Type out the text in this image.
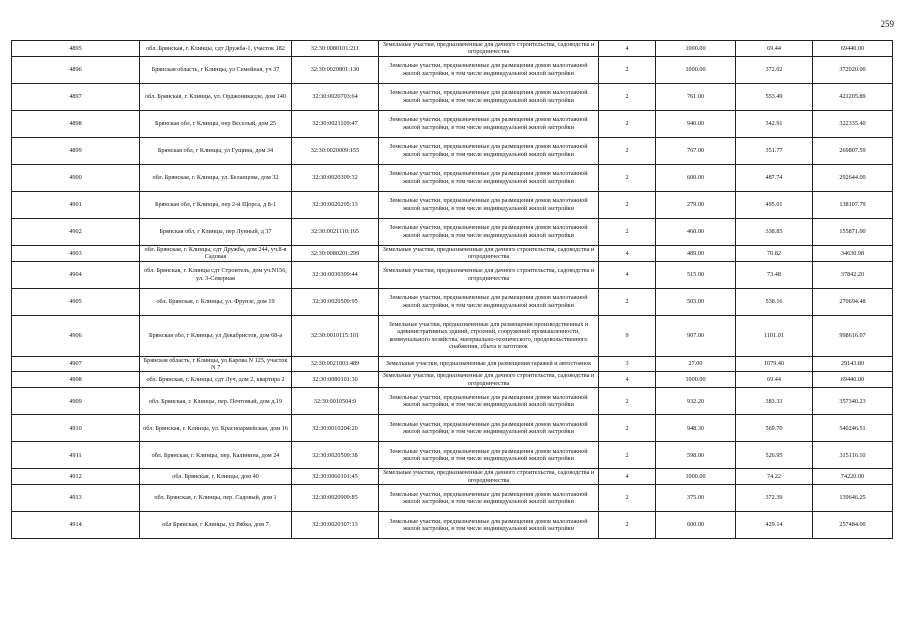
259
4895	обл. Брянская, г. Клинцы, сдт Дружба-1, участок 182	32:30:0080101:211	Земельные участки, предназначенные для дачного строительства, садоводства и огородничества	4	1000.00	69.44	69440.00
4896	Брянская область, г Клинцы, ул Семейная, уч 37	32:30:0020801:130	Земельные участки, предназначенные для размещения домов малоэтажной жилой застройки, в том числе индивидуальной жилой застройки	2	1000.00	372.02	372020.00
4897	обл. Брянская, г. Клинцы, ул. Орджоникидзе, дом 140	32:30:0020703:64	Земельные участки, предназначенные для размещения домов малоэтажной жилой застройки, в том числе индивидуальной жилой застройки	2	761.00	553.49	421205.89
4898	Брянская обл, г Клинцы, пер Веселый, дом 25	32:30:0021109:47	Земельные участки, предназначенные для размещения домов малоэтажной жилой застройки, в том числе индивидуальной жилой застройки	2	940.00	342.91	322335.40
4899	Брянская обл, г Клинцы, ул Гущина, дом 34	32:30:0020009:155	Земельные участки, предназначенные для размещения домов малоэтажной жилой застройки, в том числе индивидуальной жилой застройки	2	767.00	351.77	269807.59
4900	обл. Брянская, г. Клинцы, ул. Беланцова, дом 32	32:30:0020309:32	Земельные участки, предназначенные для размещения домов малоэтажной жилой застройки, в том числе индивидуальной жилой застройки	2	600.00	487.74	292644.00
4901	Брянская обл, г Клинцы, пер 2-й Щорса, д 8-1	32:30:0020205:13	Земельные участки, предназначенные для размещения домов малоэтажной жилой застройки, в том числе индивидуальной жилой застройки	2	279.00	495.01	138107.79
4902	Брянская обл, г Клинцы, пер Лунный, д 37	32:30:0021110:165	Земельные участки, предназначенные для размещения домов малоэтажной жилой застройки, в том числе индивидуальной жилой застройки	2	460.00	338.85	155871.00
4903	обл. Брянская, г. Клинцы, сдт Дружба, дом 244, уч.8-я Садовая	32:30:0080201:299	Земельные участки, предназначенные для дачного строительства, садоводства и огородничества	4	489.00	70.82	34630.98
4904	обл. Брянская, г. Клинцы сдт Строитель, дом уч.N156, ул. 3-Северная	32:30:0030309:44	Земельные участки, предназначенные для дачного строительства, садоводства и огородничества	4	515.00	73.48	37842.20
4905	обл. Брянская, г. Клинцы, ул. Фрунзе, дом 19	32:30:0020509:95	Земельные участки, предназначенные для размещения домов малоэтажной жилой застройки, в том числе индивидуальной жилой застройки	2	503.00	538.16	270694.48
4906	Брянская обл, г Клинцы, ул Декабристов, дом 68-а	32:30:0010115:101	Земельные участки, предназначенные для размещения производственных и административных зданий, строений, сооружений промышленности, коммунального хозяйства, материально-технического, продовольственного снабжения, сбыта и заготовок	9	907.00	1101.01	998616.07
4907	Брянская область, г Клинцы, ул Карова N 125, участок N 7	32:30:0021003:489	Земельные участки, предназначенные для размещения гаражей и автостоянок	3	27.00	1079.40	29143.80
4908	обл. Брянская, г. Клинцы, сдт Луч, дом 2, квартира 2	32:30:0080101:30	Земельные участки, предназначенные для дачного строительства, садоводства и огородничества	4	1000.00	69.44	69440.00
4909	обл. Брянская, г. Клинцы, пер. Почтовый, дом д.19	32:30:0010504:9	Земельные участки, предназначенные для размещения домов малоэтажной жилой застройки, в том числе индивидуальной жилой застройки	2	932.20	383.33	357340.23
4910	обл. Брянская, г. Клинцы, ул. Красноармейская, дом 16	32:30:0010204:20	Земельные участки, предназначенные для размещения домов малоэтажной жилой застройки, в том числе индивидуальной жилой застройки	2	948.30	569.70	540246.51
4911	обл. Брянская, г. Клинцы, пер. Калинина, дом 24	32:30:0020509:38	Земельные участки, предназначенные для размещения домов малоэтажной жилой застройки, в том числе индивидуальной жилой застройки	2	598.00	526.95	315116.10
4912	обл. Брянская, г. Клинцы, дом 40	32:30:0060101:45	Земельные участки, предназначенные для дачного строительства, садоводства и огородничества	4	1000.00	74.22	74220.00
4913	обл. Брянская, г. Клинцы, пер. Садовый, дом 1	32:30:0020909:85	Земельные участки, предназначенные для размещения домов малоэтажной жилой застройки, в том числе индивидуальной жилой застройки	2	375.00	372.39	139646.25
4914	обл Брянская, г Клинцы, ул Рябка, дом 7	32:30:0020307:13	Земельные участки, предназначенные для размещения домов малоэтажной жилой застройки, в том числе индивидуальной жилой застройки	2	600.00	429.14	257484.00
